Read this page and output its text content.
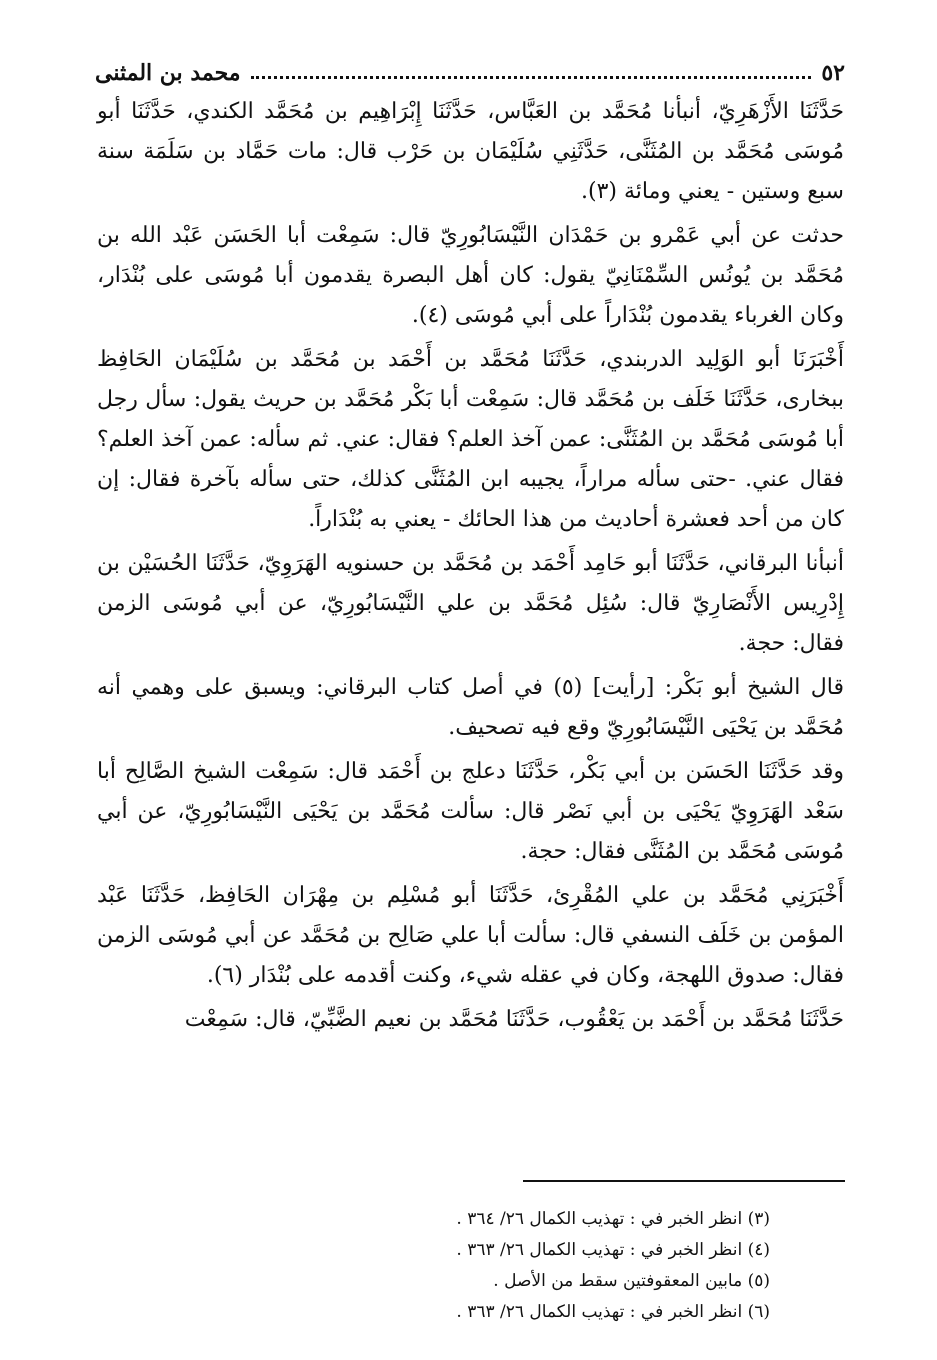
٥٢
محمد بن المثنى

حَدَّثَنَا الأَزْهَرِيّ، أنبأنا مُحَمَّد بن العَبَّاس، حَدَّثَنَا إِبْرَاهِيم بن مُحَمَّد الكندي، حَدَّثَنَا أبو مُوسَى مُحَمَّد بن المُثَنَّى، حَدَّثَنِي سُلَيْمَان بن حَرْب قال: مات حَمَّاد بن سَلَمَة سنة سبع وستين - يعني ومائة (٣).

حدثت عن أبي عَمْرو بن حَمْدَان النَّيْسَابُورِيّ قال: سَمِعْت أبا الحَسَن عَبْد الله بن مُحَمَّد بن يُونُس السِّمْنَانِيّ يقول: كان أهل البصرة يقدمون أبا مُوسَى على بُنْدَار، وكان الغرباء يقدمون بُنْدَاراً على أبي مُوسَى (٤).

أَخْبَرَنَا أبو الوَلِيد الدربندي، حَدَّثَنَا مُحَمَّد بن أَحْمَد بن مُحَمَّد بن سُلَيْمَان الحَافِظ ببخارى، حَدَّثَنَا خَلَف بن مُحَمَّد قال: سَمِعْت أبا بَكْر مُحَمَّد بن حريث يقول: سأل رجل أبا مُوسَى مُحَمَّد بن المُثَنَّى: عمن آخذ العلم؟ فقال: عني. ثم سأله: عمن آخذ العلم؟ فقال عني. -حتى سأله مراراً، يجيبه ابن المُثَنَّى كذلك، حتى سأله بآخرة فقال: إن كان من أحد فعشرة أحاديث من هذا الحائك - يعني به بُنْدَاراً.

أنبأنا البرقاني، حَدَّثَنَا أبو حَامِد أَحْمَد بن مُحَمَّد بن حسنويه الهَرَوِيّ، حَدَّثَنَا الحُسَيْن بن إِدْرِيس الأَنْصَارِيّ قال: سُئِل مُحَمَّد بن علي النَّيْسَابُورِيّ، عن أبي مُوسَى الزمن فقال: حجة.

قال الشيخ أبو بَكْر: [رأيت] (٥) في أصل كتاب البرقاني: ويسبق على وهمي أنه مُحَمَّد بن يَحْيَى النَّيْسَابُورِيّ وقع فيه تصحيف.

وقد حَدَّثَنَا الحَسَن بن أبي بَكْر، حَدَّثَنَا دعلج بن أَحْمَد قال: سَمِعْت الشيخ الصَّالِح أبا سَعْد الهَرَوِيّ يَحْيَى بن أبي نَصْر قال: سألت مُحَمَّد بن يَحْيَى النَّيْسَابُورِيّ، عن أبي مُوسَى مُحَمَّد بن المُثَنَّى فقال: حجة.

أَخْبَرَنِي مُحَمَّد بن علي المُقْرِئ، حَدَّثَنَا أبو مُسْلِم بن مِهْرَان الحَافِظ، حَدَّثَنَا عَبْد المؤمن بن خَلَف النسفي قال: سألت أبا علي صَالِح بن مُحَمَّد عن أبي مُوسَى الزمن فقال: صدوق اللهجة، وكان في عقله شيء، وكنت أقدمه على بُنْدَار (٦).

حَدَّثَنَا مُحَمَّد بن أَحْمَد بن يَعْقُوب، حَدَّثَنَا مُحَمَّد بن نعيم الضَّبِّيّ، قال: سَمِعْت

(٣) انظر الخبر في : تهذيب الكمال ٢٦/ ٣٦٤ .
(٤) انظر الخبر في : تهذيب الكمال ٢٦/ ٣٦٣ .
(٥) مابين المعقوفتين سقط من الأصل .
(٦) انظر الخبر في : تهذيب الكمال ٢٦/ ٣٦٣ .
